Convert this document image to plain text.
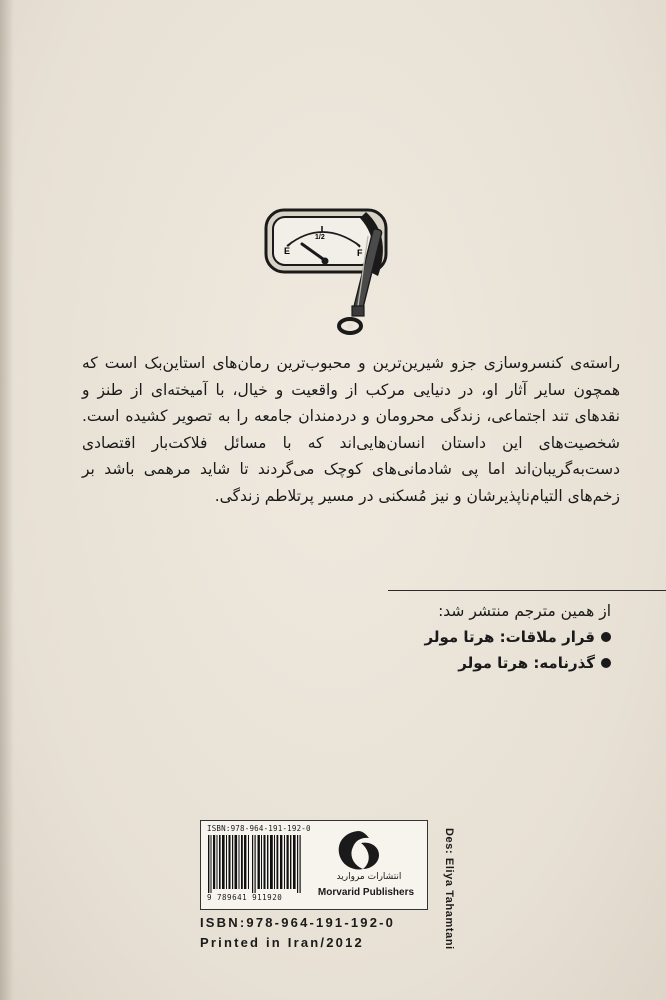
E
1/2
F
راسته‌ی کنسروسازی جزو شیرین‌ترین و محبوب‌ترین رمان‌های استاین‌بک است که همچون سایر آثار او، در دنیایی مرکب از واقعیت و خیال، با آمیخته‌ای از طنز و نقدهای تند اجتماعی، زندگی محرومان و دردمندان جامعه را به تصویر کشیده است. شخصیت‌های این داستان انسان‌هایی‌اند که با مسائل فلاکت‌بار اقتصادی دست‌به‌گریبان‌اند اما پی شادمانی‌های کوچک می‌گردند تا شاید مرهمی باشد بر زخم‌های التیام‌ناپذیرشان و نیز مُسکنی در مسیر پرتلاطم زندگی.
از همین مترجم منتشر شد:
قرار ملاقات: هرتا مولر
گذرنامه: هرتا مولر
ISBN:978-964-191-192-0
9 789641 911920
انتشارات مروارید
Morvarid Publishers
ISBN:978-964-191-192-0
Printed in Iran/2012	Des: Eliya Tahamtani
